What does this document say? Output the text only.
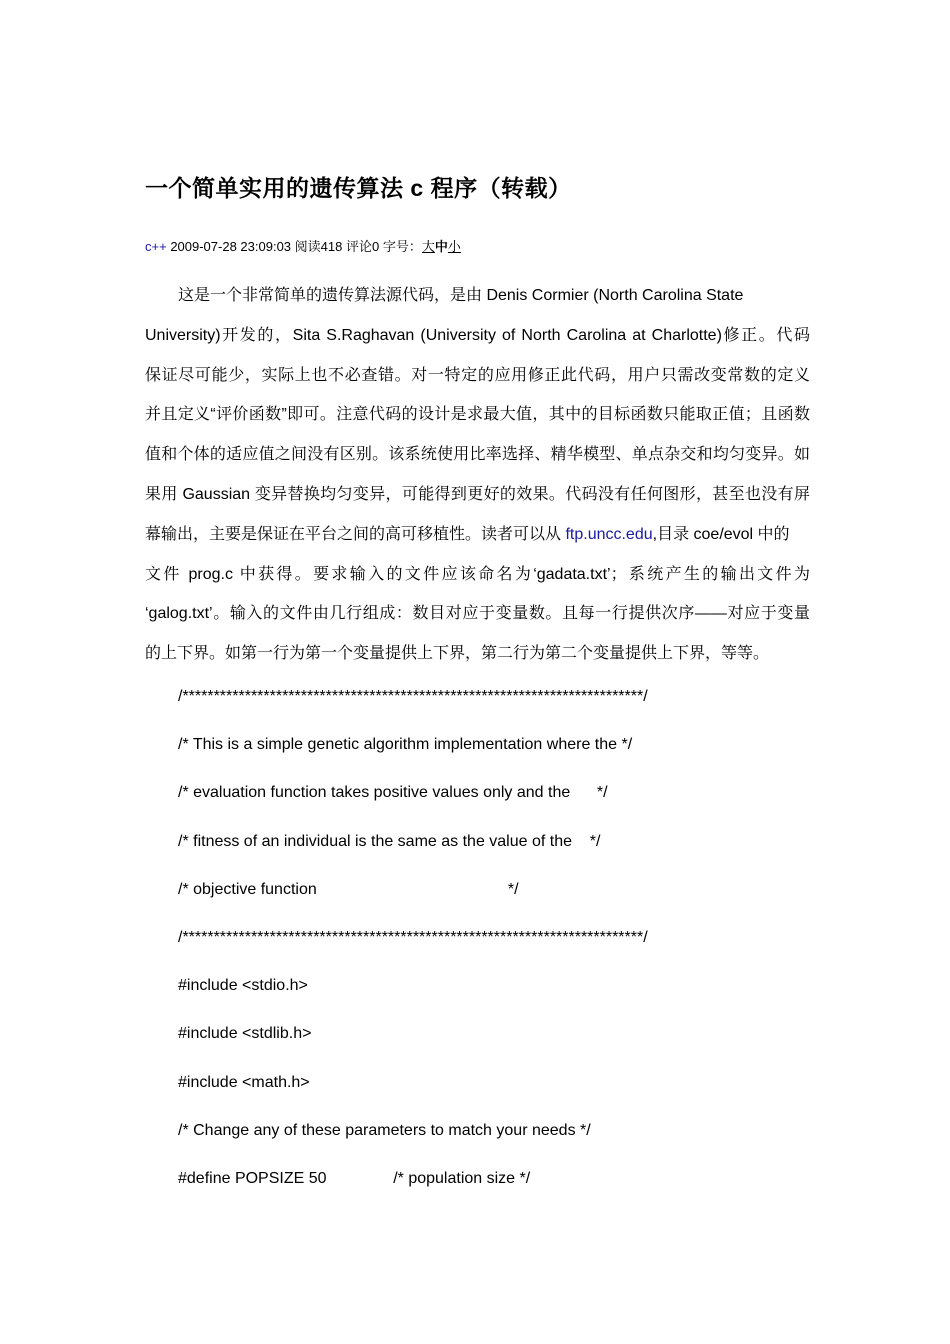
一个简单实用的遗传算法 c 程序（转载）
c++ 2009-07-28 23:09:03 阅读418 评论0 字号：大中小
这是一个非常简单的遗传算法源代码，是由 Denis Cormier (North Carolina State
University)开发的，Sita S.Raghavan (University of North Carolina at Charlotte)修正。代码
保证尽可能少，实际上也不必查错。对一特定的应用修正此代码，用户只需改变常数的定义
并且定义“评价函数”即可。注意代码的设计是求最大值，其中的目标函数只能取正值；且函数
值和个体的适应值之间没有区别。该系统使用比率选择、精华模型、单点杂交和均匀变异。如
果用 Gaussian 变异替换均匀变异，可能得到更好的效果。代码没有任何图形，甚至也没有屏
幕输出，主要是保证在平台之间的高可移植性。读者可以从 ftp.uncc.edu,目录 coe/evol 中的
文件 prog.c 中获得。要求输入的文件应该命名为‘gadata.txt’；系统产生的输出文件为
‘galog.txt’。输入的文件由几行组成：数目对应于变量数。且每一行提供次序——对应于变量
的上下界。如第一行为第一个变量提供上下界，第二行为第二个变量提供上下界，等等。
/**************************************************************************/
/* This is a simple genetic algorithm implementation where the */
/* evaluation function takes positive values only and the      */
/* fitness of an individual is the same as the value of the    */
/* objective function                                           */
/**************************************************************************/
#include <stdio.h>
#include <stdlib.h>
#include <math.h>
/* Change any of these parameters to match your needs */
#define POPSIZE 50               /* population size */
